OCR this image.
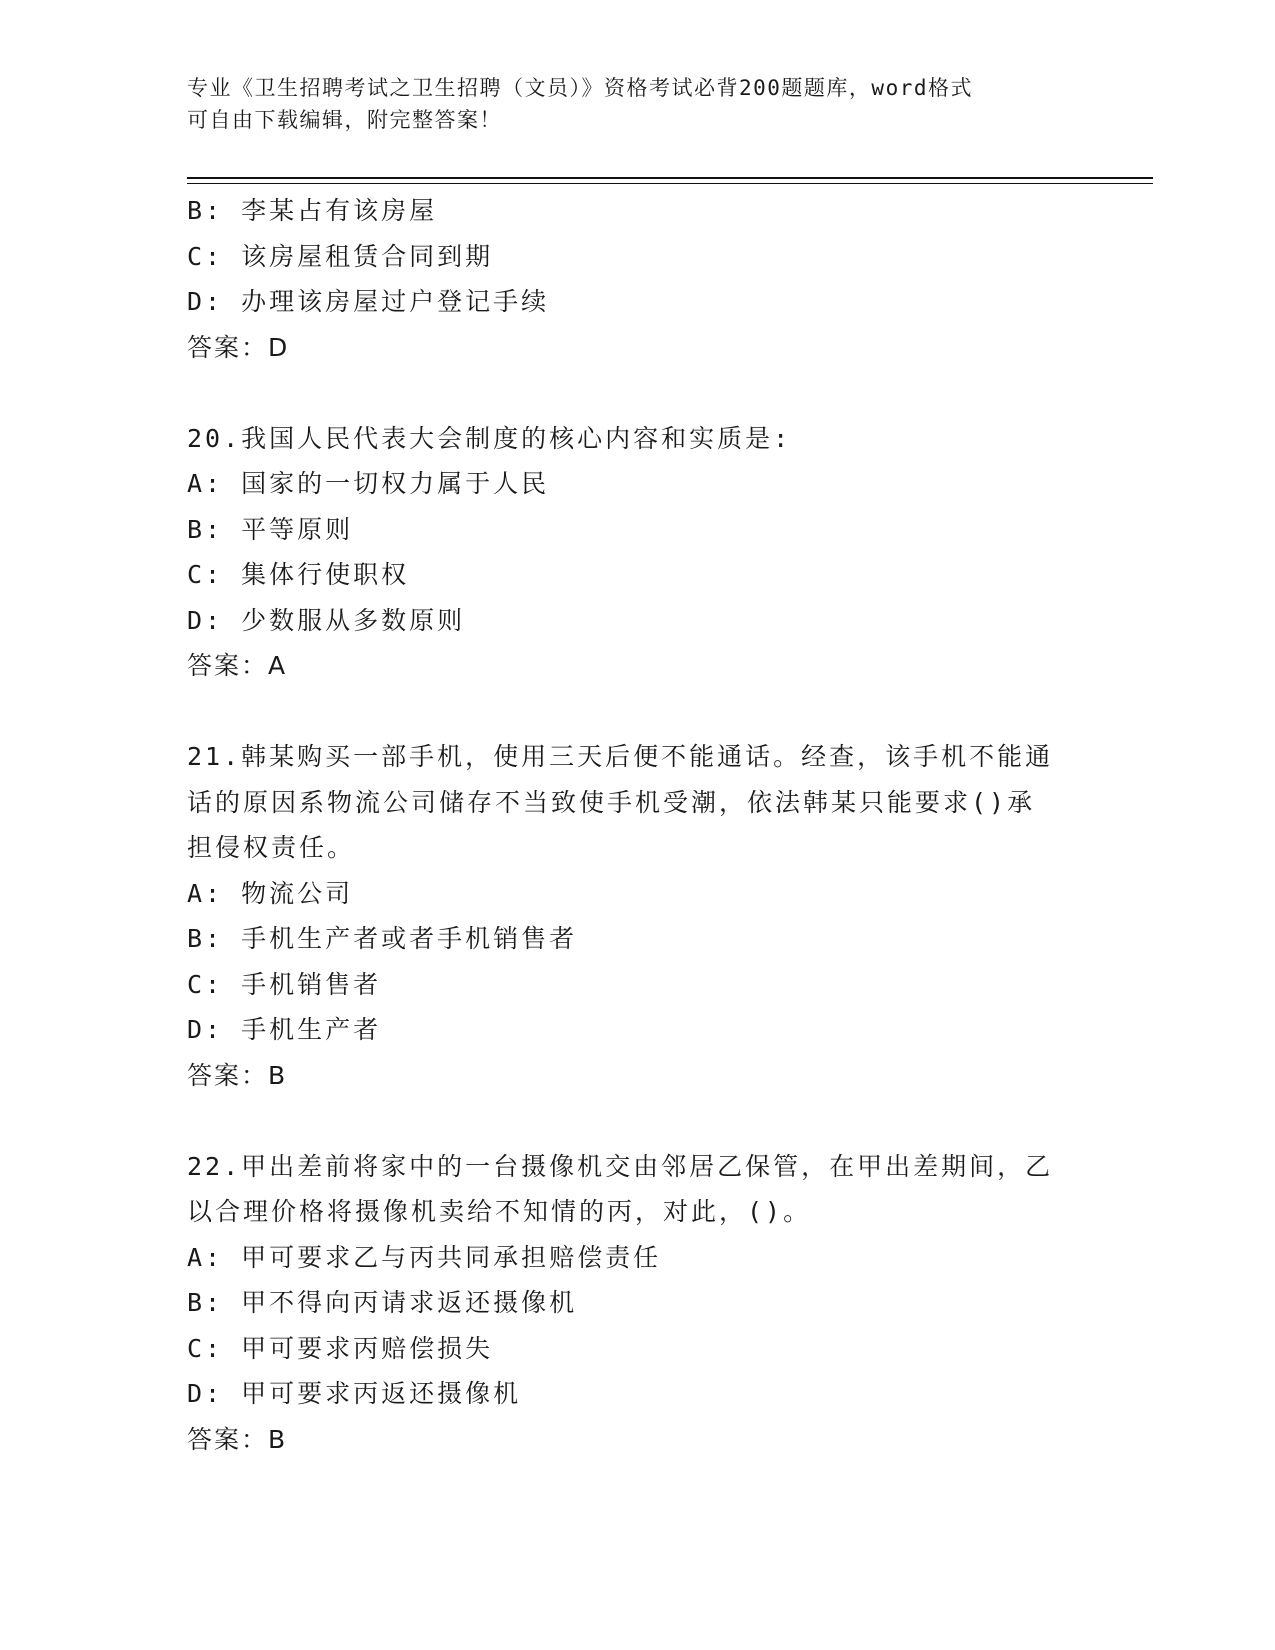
专业《卫生招聘考试之卫生招聘（文员）》资格考试必背200题题库，word格式
可自由下载编辑，附完整答案！
B: 李某占有该房屋
C: 该房屋租赁合同到期
D: 办理该房屋过户登记手续
答案：D
20.我国人民代表大会制度的核心内容和实质是:
A: 国家的一切权力属于人民
B: 平等原则
C: 集体行使职权
D: 少数服从多数原则
答案：A
21.韩某购买一部手机，使用三天后便不能通话。经查，该手机不能通
话的原因系物流公司储存不当致使手机受潮，依法韩某只能要求()承
担侵权责任。
A: 物流公司
B: 手机生产者或者手机销售者
C: 手机销售者
D: 手机生产者
答案：B
22.甲出差前将家中的一台摄像机交由邻居乙保管，在甲出差期间，乙
以合理价格将摄像机卖给不知情的丙，对此，()。
A: 甲可要求乙与丙共同承担赔偿责任
B: 甲不得向丙请求返还摄像机
C: 甲可要求丙赔偿损失
D: 甲可要求丙返还摄像机
答案：B
